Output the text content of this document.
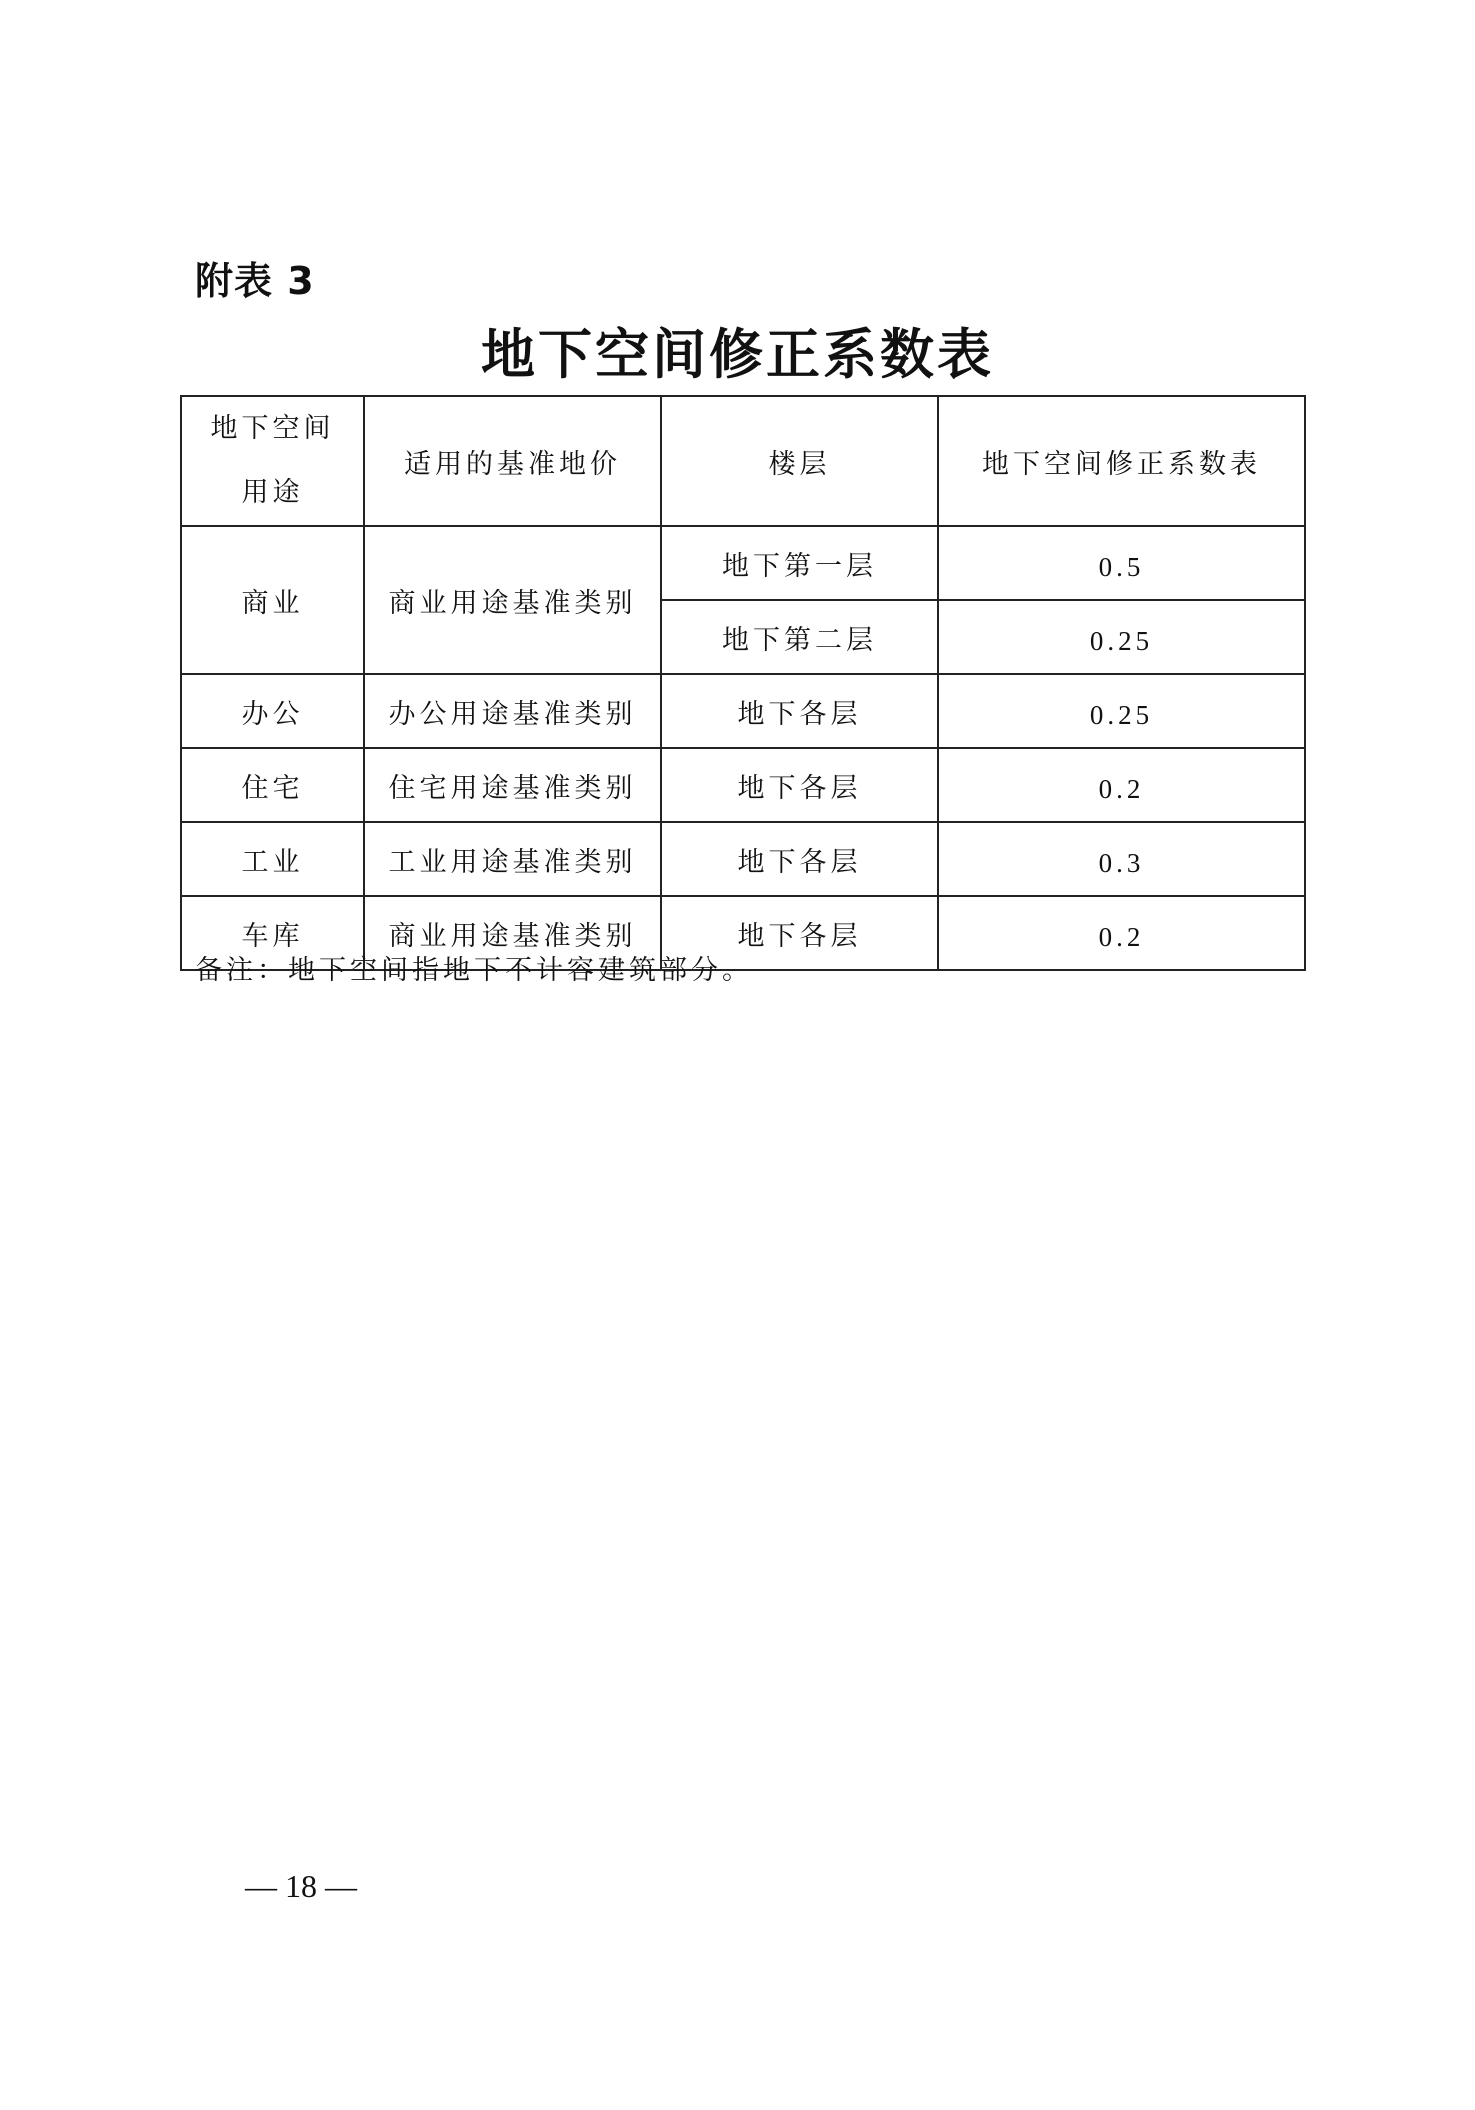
附表 3
地下空间修正系数表
地下空间
用途	适用的基准地价	楼层	地下空间修正系数表
商业	商业用途基准类别	地下第一层	0.5
		地下第二层	0.25
办公	办公用途基准类别	地下各层	0.25
住宅	住宅用途基准类别	地下各层	0.2
工业	工业用途基准类别	地下各层	0.3
车库	商业用途基准类别	地下各层	0.2
备注：地下空间指地下不计容建筑部分。
— 18 —
